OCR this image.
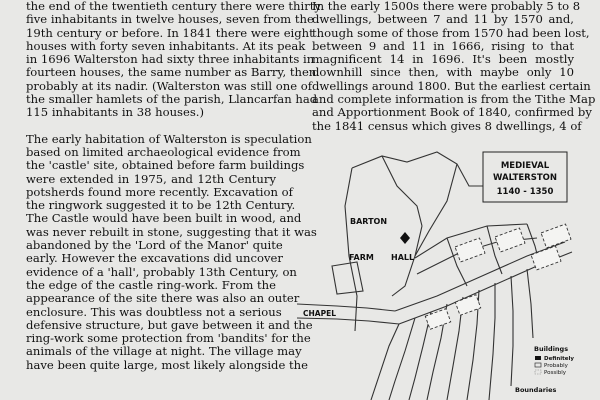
the end of the twentieth century there were thirty
five inhabitants in twelve houses, seven from the
19th century or before. In 1841 there were eight
houses with forty seven inhabitants. At its peak
in 1696 Walterston had sixty three inhabitants in
fourteen houses, the same number as Barry, then
probably at its nadir. (Walterston was still one of
the smaller hamlets of the parish, Llancarfan had
115 inhabitants in 38 houses.)
The early habitation of Walterston is speculation
based on limited archaeological evidence from
the 'castle' site, obtained before farm buildings
were extended in 1975, and 12th Century
potsherds found more recently. Excavation of
the ringwork suggested it to be 12th Century.
The Castle would have been built in wood, and
was never rebuilt in stone, suggesting that it was
abandoned by the 'Lord of the Manor' quite
early. However the excavations did uncover
evidence of a 'hall', probably 13th Century, on
the edge of the castle ring-work. From the
appearance of the site there was also an outer
enclosure. This was doubtless not a serious
defensive structure, but gave between it and the
ring-work some protection from 'bandits' for the
animals of the village at night. The village may
have been quite large, most likely alongside the
In the early 1500s there were probably 5 to 8
dwellings, between 7 and 11 by 1570 and,
though some of those from 1570 had been lost,
between 9 and 11 in 1666, rising to that
magnificent 14 in 1696. It's been mostly
downhill since then, with maybe only 10
dwellings around 1800. But the earliest certain
and complete information is from the Tithe Map
and Apportionment Book of 1840, confirmed by
the 1841 census which gives 8 dwellings, 4 of
MEDIEVAL
WALTERSTON
1140 - 1350
BARTON
FARM HALL
CHAPEL
Buildings
Definitely
Probably
Possibly
Boundaries
